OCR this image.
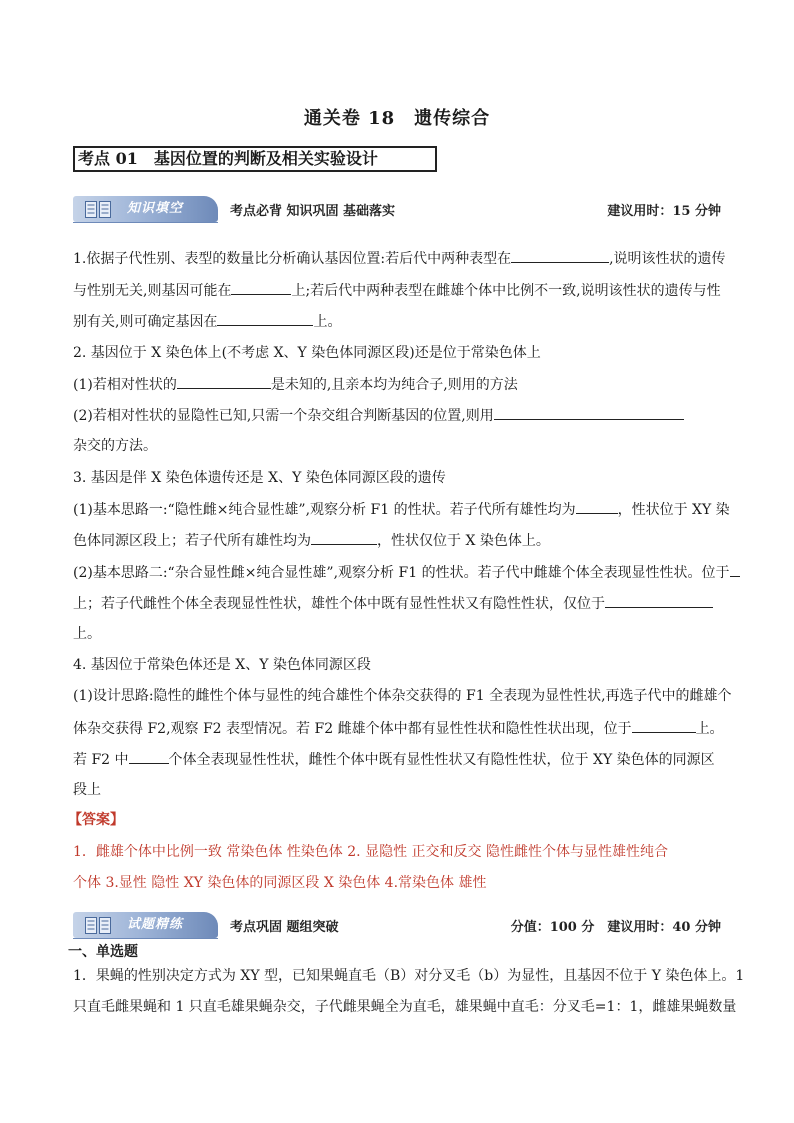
通关卷 18　遗传综合
考点 01　基因位置的判断及相关实验设计
知识填空	考点必背 知识巩固 基础落实	建议用时：15 分钟
1.依据子代性别、表型的数量比分析确认基因位置:若后代中两种表型在	,说明该性状的遗传
与性别无关,则基因可能在	上;若后代中两种表型在雌雄个体中比例不一致,说明该性状的遗传与性
别有关,则可确定基因在	上。
2. 基因位于 X 染色体上(不考虑 X、Y 染色体同源区段)还是位于常染色体上
(1)若相对性状的	是未知的,且亲本均为纯合子,则用的方法
(2)若相对性状的显隐性已知,只需一个杂交组合判断基因的位置,则用
杂交的方法。
3. 基因是伴 X 染色体遗传还是 X、Y 染色体同源区段的遗传
(1)基本思路一:“隐性雌×纯合显性雄”,观察分析 F1 的性状。若子代所有雄性均为	，性状位于 XY 染
色体同源区段上；若子代所有雄性均为	，性状仅位于 X 染色体上。
(2)基本思路二:“杂合显性雌×纯合显性雄”,观察分析 F1 的性状。若子代中雌雄个体全表现显性性状。位于
上；若子代雌性个体全表现显性性状，雄性个体中既有显性性状又有隐性性状，仅位于
上。
4. 基因位于常染色体还是 X、Y 染色体同源区段
(1)设计思路:隐性的雌性个体与显性的纯合雄性个体杂交获得的 F1 全表现为显性性状,再选子代中的雌雄个
体杂交获得 F2,观察 F2 表型情况。若 F2 雌雄个体中都有显性性状和隐性性状出现，位于	上。
若 F2 中	个体全表现显性性状，雌性个体中既有显性性状又有隐性性状，位于 XY 染色体的同源区
段上
【答案】
1．雌雄个体中比例一致 常染色体 性染色体 2. 显隐性 正交和反交 隐性雌性个体与显性雄性纯合
个体 3.显性 隐性 XY 染色体的同源区段 X 染色体 4.常染色体 雄性
试题精练	考点巩固 题组突破	分值：100 分　建议用时：40 分钟
一、单选题
1．果蝇的性别决定方式为 XY 型，已知果蝇直毛（B）对分叉毛（b）为显性，且基因不位于 Y 染色体上。1
只直毛雌果蝇和 1 只直毛雄果蝇杂交，子代雌果蝇全为直毛，雄果蝇中直毛：分叉毛=1：1，雌雄果蝇数量
